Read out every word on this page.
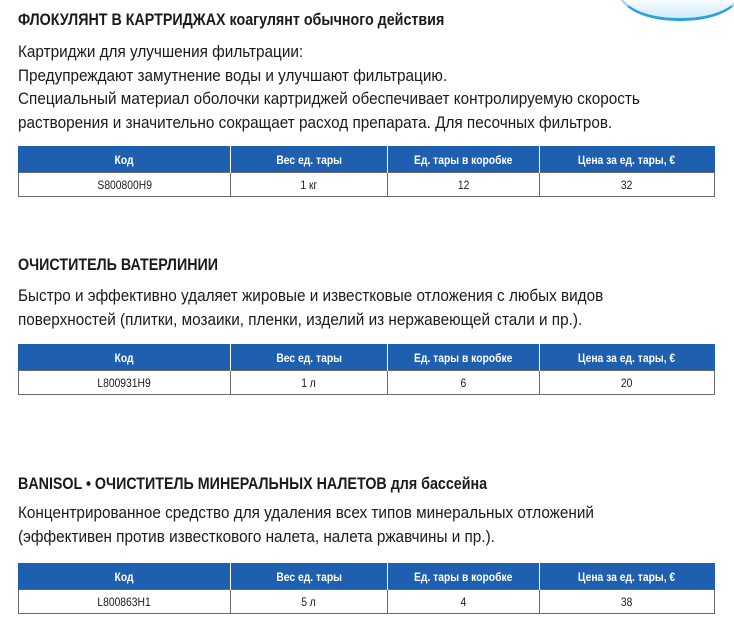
ФЛОКУЛЯНТ В КАРТРИДЖАХ коагулянт обычного действия
Картриджи для улучшения фильтрации:
Предупреждают замутнение воды и улучшают фильтрацию.
Специальный материал оболочки картриджей обеспечивает контролируемую скорость
растворения и значительно сокращает расход препарата. Для песочных фильтров.
Код	Вес ед. тары	Ед. тары в коробке	Цена за ед. тары, €
S800800H9	1 кг	12	32
ОЧИСТИТЕЛЬ ВАТЕРЛИНИИ
Быстро и эффективно удаляет жировые и известковые отложения с любых видов
поверхностей (плитки, мозаики, пленки, изделий из нержавеющей стали и пр.).
Код	Вес ед. тары	Ед. тары в коробке	Цена за ед. тары, €
L800931H9	1 л	6	20
BANISOL • ОЧИСТИТЕЛЬ МИНЕРАЛЬНЫХ НАЛЕТОВ для бассейна
Концентрированное средство для удаления всех типов минеральных отложений
(эффективен против известкового налета, налета ржавчины и пр.).
Код	Вес ед. тары	Ед. тары в коробке	Цена за ед. тары, €
L800863H1	5 л	4	38
